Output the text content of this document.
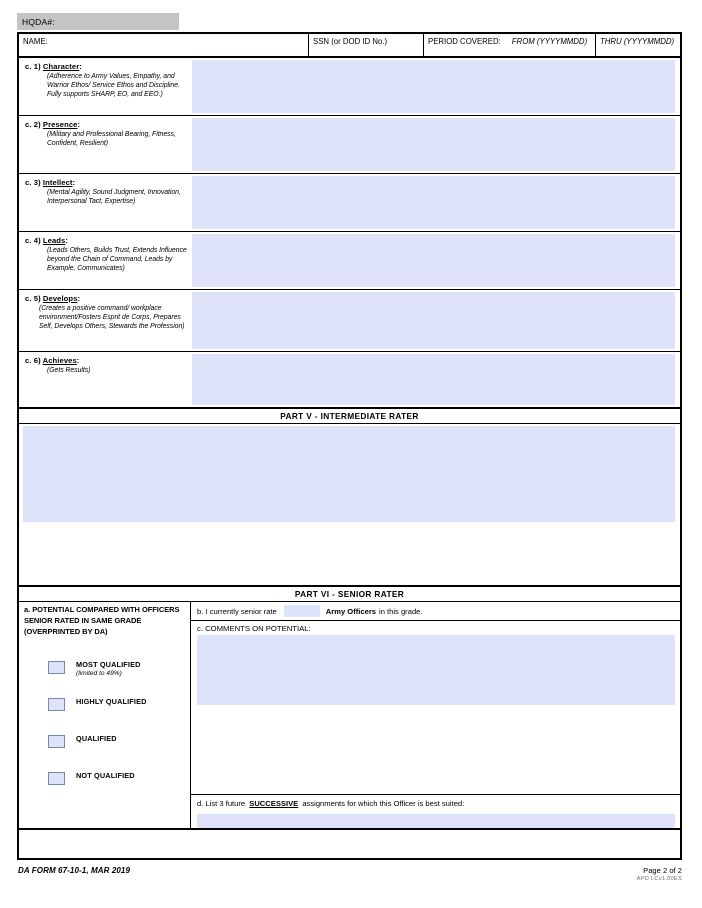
HQDA#:
NAME:	SSN (or DOD ID No.)	PERIOD COVERED: FROM (YYYYMMDD) THRU (YYYYMMDD)
c. 1) Character:
(Adherence to Army Values, Empathy, and Warrior Ethos/ Service Ethos and Discipline. Fully supports SHARP, EO, and EEO.)
c. 2) Presence:
(Military and Professional Bearing, Fitness, Confident, Resilient)
c. 3) Intellect:
(Mental Agility, Sound Judgment, Innovation, Interpersonal Tact, Expertise)
c. 4) Leads:
(Leads Others, Builds Trust, Extends Influence beyond the Chain of Command, Leads by Example, Communicates)
c. 5) Develops:
(Creates a positive command/ workplace environment/Fosters Esprit de Corps, Prepares Self, Develops Others, Stewards the Profession)
c. 6) Achieves:
(Gets Results)
PART V - INTERMEDIATE RATER
PART VI - SENIOR RATER
a. POTENTIAL COMPARED WITH OFFICERS SENIOR RATED IN SAME GRADE (OVERPRINTED BY DA)
MOST QUALIFIED
(limited to 49%)
HIGHLY QUALIFIED
QUALIFIED
NOT QUALIFIED
b. I currently senior rate	Army Officers in this grade.
c. COMMENTS ON POTENTIAL:
d. List 3 future SUCCESSIVE assignments for which this Officer is best suited:
DA FORM 67-10-1, MAR 2019	Page 2 of 2
APD LCv1.00ES
